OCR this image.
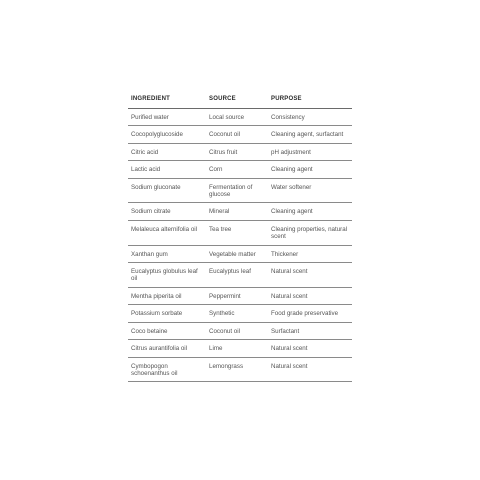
INGREDIENT	SOURCE	PURPOSE
Purified water	Local source	Consistency
Cocopolyglucoside	Coconut oil	Cleaning agent, surfactant
Citric acid	Citrus fruit	pH adjustment
Lactic acid	Corn	Cleaning agent
Sodium gluconate	Fermentation of glucose	Water softener
Sodium citrate	Mineral	Cleaning agent
Melaleuca alternifolia oil	Tea tree	Cleaning properties, natural scent
Xanthan gum	Vegetable matter	Thickener
Eucalyptus globulus leaf oil	Eucalyptus leaf	Natural scent
Mentha piperita oil	Peppermint	Natural scent
Potassium sorbate	Synthetic	Food grade preservative
Coco betaine	Coconut oil	Surfactant
Citrus aurantifolia oil	Lime	Natural scent
Cymbopogon schoenanthus oil	Lemongrass	Natural scent
